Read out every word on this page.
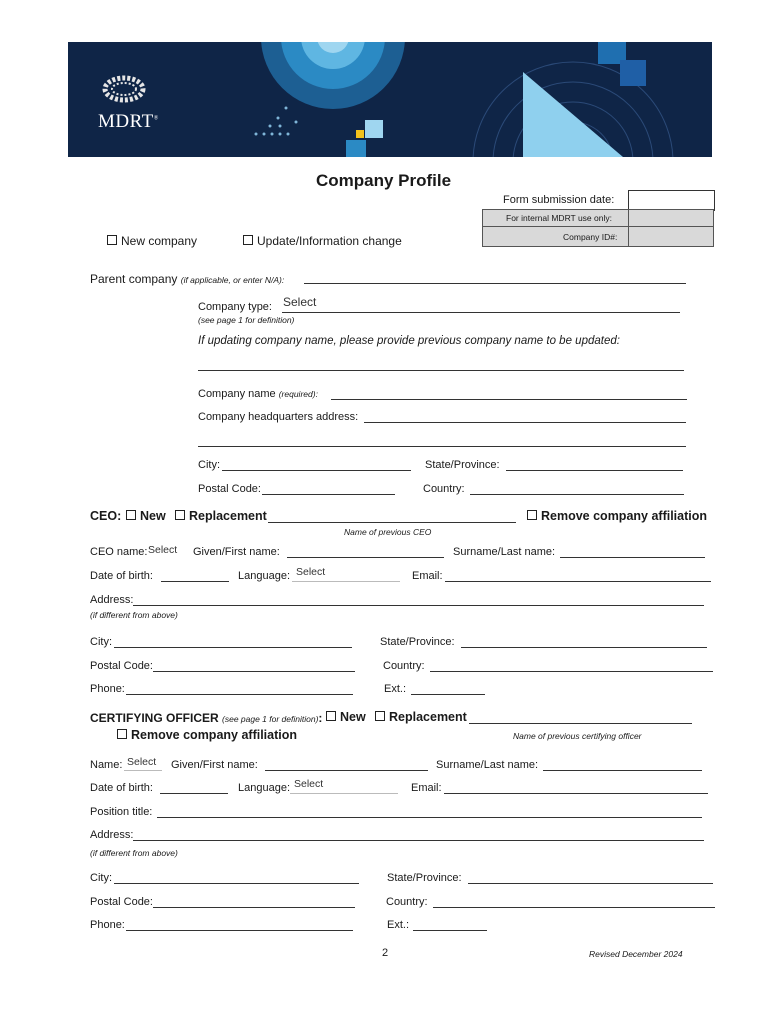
MDRT®
Company Profile
Form submission date:
For internal MDRT use only:
Company ID#:
New company	Update/Information change
Parent company (if applicable, or enter N/A):
Company type: Select
(see page 1 for definition)
If updating company name, please provide previous company name to be updated:
Company name (required):
Company headquarters address:
City:	State/Province:
Postal Code:	Country:
CEO:	New	Replacement	Remove company affiliation
Name of previous CEO
CEO name: Select Given/First name:	Surname/Last name:
Date of birth:	Language: Select	Email:
Address:
(if different from above)
City:	State/Province:
Postal Code:	Country:
Phone:	Ext.:
CERTIFYING OFFICER (see page 1 for definition):	New	Replacement
Remove company affiliation	Name of previous certifying officer
Name: Select Given/First name:	Surname/Last name:
Date of birth:	Language: Select	Email:
Position title:
Address:
(if different from above)
City:	State/Province:
Postal Code:	Country:
Phone:	Ext.:
2	Revised December 2024
